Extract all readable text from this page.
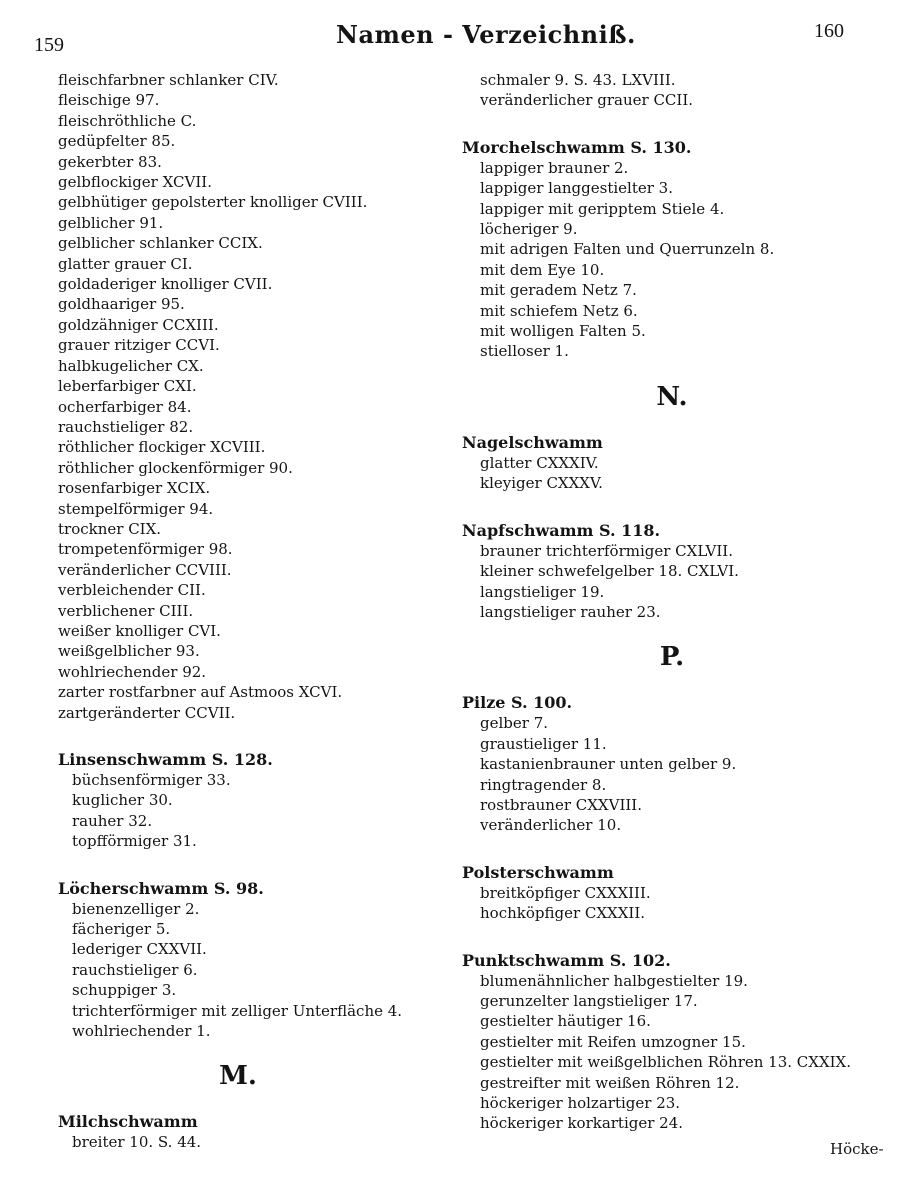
159	Namen - Verzeichniß.	160
fleischfarbner schlanker CIV.
fleischige 97.
fleischröthliche C.
gedüpfelter 85.
gekerbter 83.
gelbflockiger XCVII.
gelbhütiger gepolsterter knolliger CVIII.
gelblicher 91.
gelblicher schlanker CCIX.
glatter grauer CI.
goldaderiger knolliger CVII.
goldhaariger 95.
goldzähniger CCXIII.
grauer ritziger CCVI.
halbkugelicher CX.
leberfarbiger CXI.
ocherfarbiger 84.
rauchstieliger 82.
röthlicher flockiger XCVIII.
röthlicher glockenförmiger 90.
rosenfarbiger XCIX.
stempelförmiger 94.
trockner CIX.
trompetenförmiger 98.
veränderlicher CCVIII.
verbleichender CII.
verblichener CIII.
weißer knolliger CVI.
weißgelblicher 93.
wohlriechender 92.
zarter rostfarbner auf Astmoos XCVI.
zartgeränderter CCVII.
Linsenschwamm S. 128.
büchsenförmiger 33.
kuglicher 30.
rauher 32.
topfförmiger 31.
Löcherschwamm S. 98.
bienenzelliger 2.
fächeriger 5.
lederiger CXXVII.
rauchstieliger 6.
schuppiger 3.
trichterförmiger mit zelliger Unterfläche 4.
wohlriechender 1.
M.
Milchschwamm
breiter 10. S. 44.
schmaler 9. S. 43. LXVIII.
veränderlicher grauer CCII.
Morchelschwamm S. 130.
lappiger brauner 2.
lappiger langgestielter 3.
lappiger mit geripptem Stiele 4.
löcheriger 9.
mit adrigen Falten und Querrunzeln 8.
mit dem Eye 10.
mit geradem Netz 7.
mit schiefem Netz 6.
mit wolligen Falten 5.
stielloser 1.
N.
Nagelschwamm
glatter CXXXIV.
kleyiger CXXXV.
Napfschwamm S. 118.
brauner trichterförmiger CXLVII.
kleiner schwefelgelber 18. CXLVI.
langstieliger 19.
langstieliger rauher 23.
P.
Pilze S. 100.
gelber 7.
graustieliger 11.
kastanienbrauner unten gelber 9.
ringtragender 8.
rostbrauner CXXVIII.
veränderlicher 10.
Polsterschwamm
breitköpfiger CXXXIII.
hochköpfiger CXXXII.
Punktschwamm S. 102.
blumenähnlicher halbgestielter 19.
gerunzelter langstieliger 17.
gestielter häutiger 16.
gestielter mit Reifen umzogner 15.
gestielter mit weißgelblichen Röhren 13. CXXIX.
gestreifter mit weißen Röhren 12.
höckeriger holzartiger 23.
höckeriger korkartiger 24.
Höcke-
